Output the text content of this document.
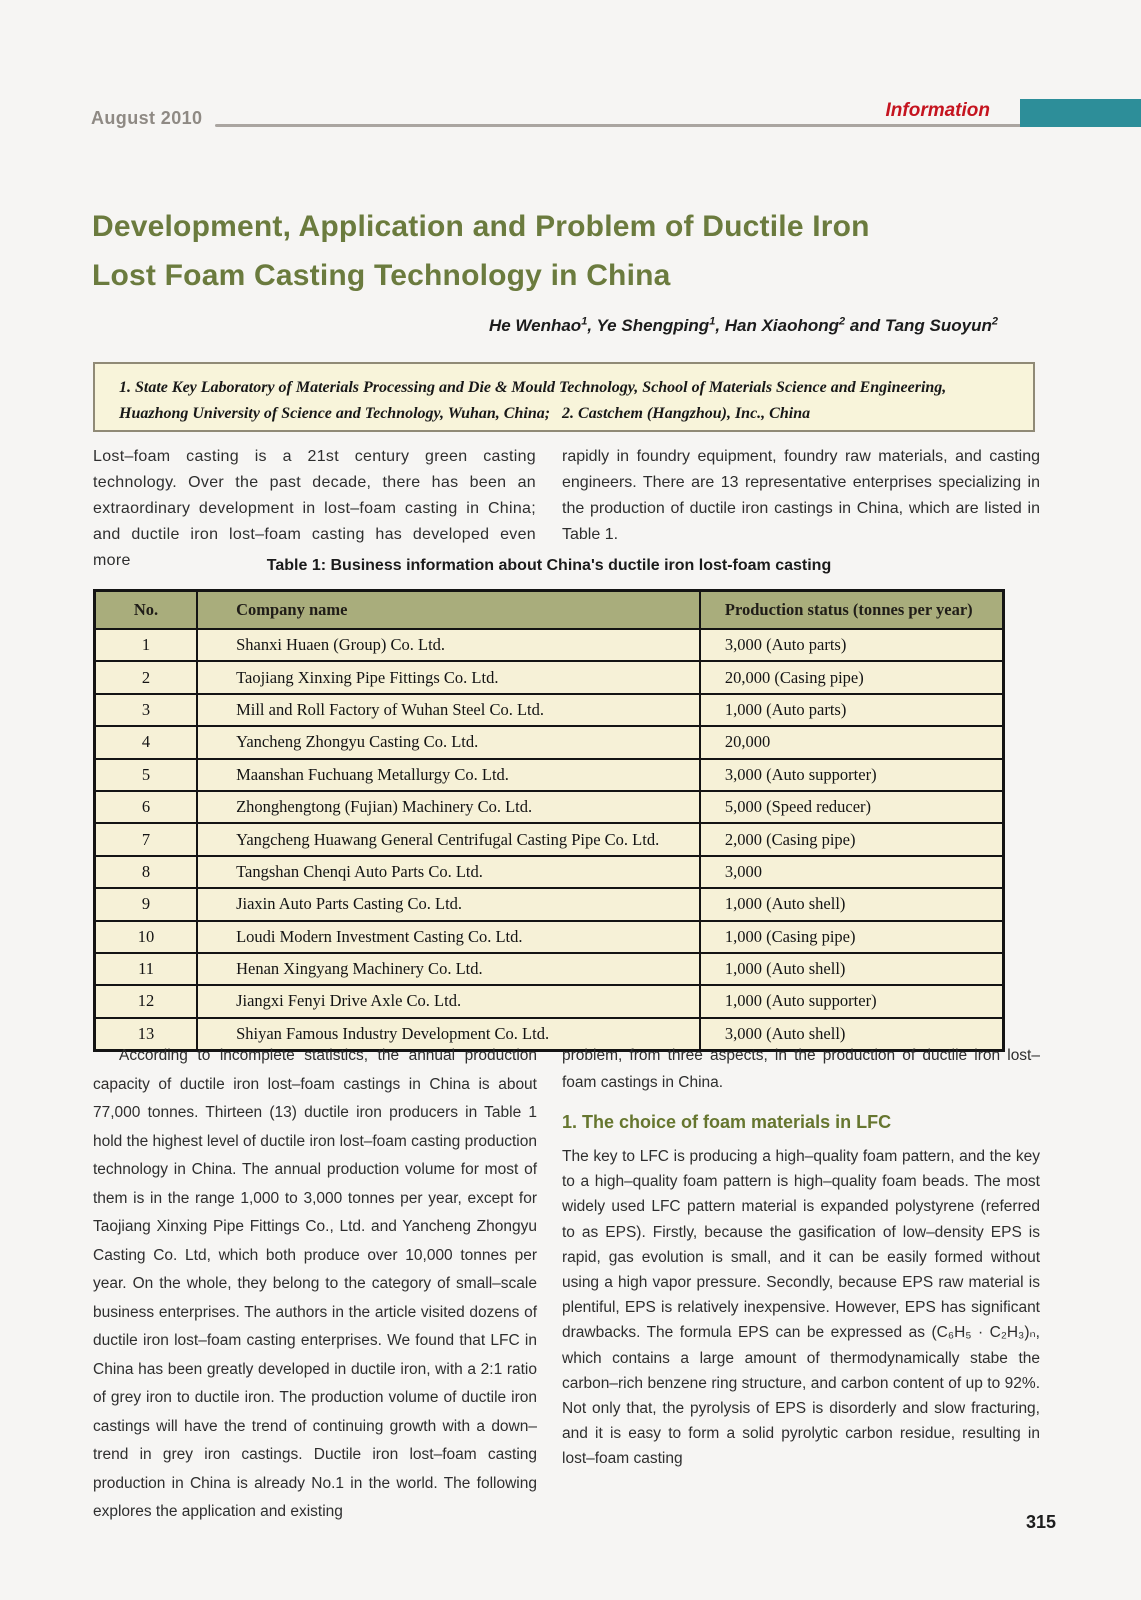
August 2010	Information
Development, Application and Problem of Ductile Iron
Lost Foam Casting Technology in China
He Wenhao$^1$, Ye Shengping$^1$, Han Xiaohong$^2$ and Tang Suoyun$^2$
1. State Key Laboratory of Materials Processing and Die & Mould Technology, School of Materials Science and Engineering, Huazhong University of Science and Technology, Wuhan, China;  2. Castchem (Hangzhou), Inc., China
Lost–foam casting is a 21st century green casting technology. Over the past decade, there has been an extraordinary development in lost–foam casting in China; and ductile iron lost–foam casting has developed even more
rapidly in foundry equipment, foundry raw materials, and casting engineers. There are 13 representative enterprises specializing in the production of ductile iron castings in China, which are listed in Table 1.
Table 1: Business information about China's ductile iron lost-foam casting
No.	Company name	Production status (tonnes per year)
1	Shanxi Huaen (Group) Co. Ltd.	3,000 (Auto parts)
2	Taojiang Xinxing Pipe Fittings Co. Ltd.	20,000 (Casing pipe)
3	Mill and Roll Factory of Wuhan Steel Co. Ltd.	1,000 (Auto parts)
4	Yancheng Zhongyu Casting Co. Ltd.	20,000
5	Maanshan Fuchuang Metallurgy Co. Ltd.	3,000 (Auto supporter)
6	Zhonghengtong (Fujian) Machinery Co. Ltd.	5,000 (Speed reducer)
7	Yangcheng Huawang General Centrifugal Casting Pipe Co. Ltd.	2,000 (Casing pipe)
8	Tangshan Chenqi Auto Parts Co. Ltd.	3,000
9	Jiaxin Auto Parts Casting Co. Ltd.	1,000 (Auto shell)
10	Loudi Modern Investment Casting Co. Ltd.	1,000 (Casing pipe)
11	Henan Xingyang Machinery Co. Ltd.	1,000 (Auto shell)
12	Jiangxi Fenyi Drive Axle Co. Ltd.	1,000 (Auto supporter)
13	Shiyan Famous Industry Development Co. Ltd.	3,000 (Auto shell)
According to incomplete statistics, the annual production capacity of ductile iron lost–foam castings in China is about 77,000 tonnes. Thirteen (13) ductile iron producers in Table 1 hold the highest level of ductile iron lost–foam casting production technology in China. The annual production volume for most of them is in the range 1,000 to 3,000 tonnes per year, except for Taojiang Xinxing Pipe Fittings Co., Ltd. and Yancheng Zhongyu Casting Co. Ltd, which both produce over 10,000 tonnes per year. On the whole, they belong to the category of small–scale business enterprises. The authors in the article visited dozens of ductile iron lost–foam casting enterprises. We found that LFC in China has been greatly developed in ductile iron, with a 2:1 ratio of grey iron to ductile iron. The production volume of ductile iron castings will have the trend of continuing growth with a down–trend in grey iron castings. Ductile iron lost–foam casting production in China is already No.1 in the world. The following explores the application and existing

problem, from three aspects, in the production of ductile iron lost–foam castings in China.

1. The choice of foam materials in LFC

The key to LFC is producing a high–quality foam pattern, and the key to a high–quality foam pattern is high–quality foam beads. The most widely used LFC pattern material is expanded polystyrene (referred to as EPS). Firstly, because the gasification of low–density EPS is rapid, gas evolution is small, and it can be easily formed without using a high vapor pressure. Secondly, because EPS raw material is plentiful, EPS is relatively inexpensive. However, EPS has significant drawbacks. The formula EPS can be expressed as (C₆H₅ · C₂H₃)ₙ, which contains a large amount of thermodynamically stabe the carbon–rich benzene ring structure, and carbon content of up to 92%. Not only that, the pyrolysis of EPS is disorderly and slow fracturing, and it is easy to form a solid pyrolytic carbon residue, resulting in lost–foam casting

315
